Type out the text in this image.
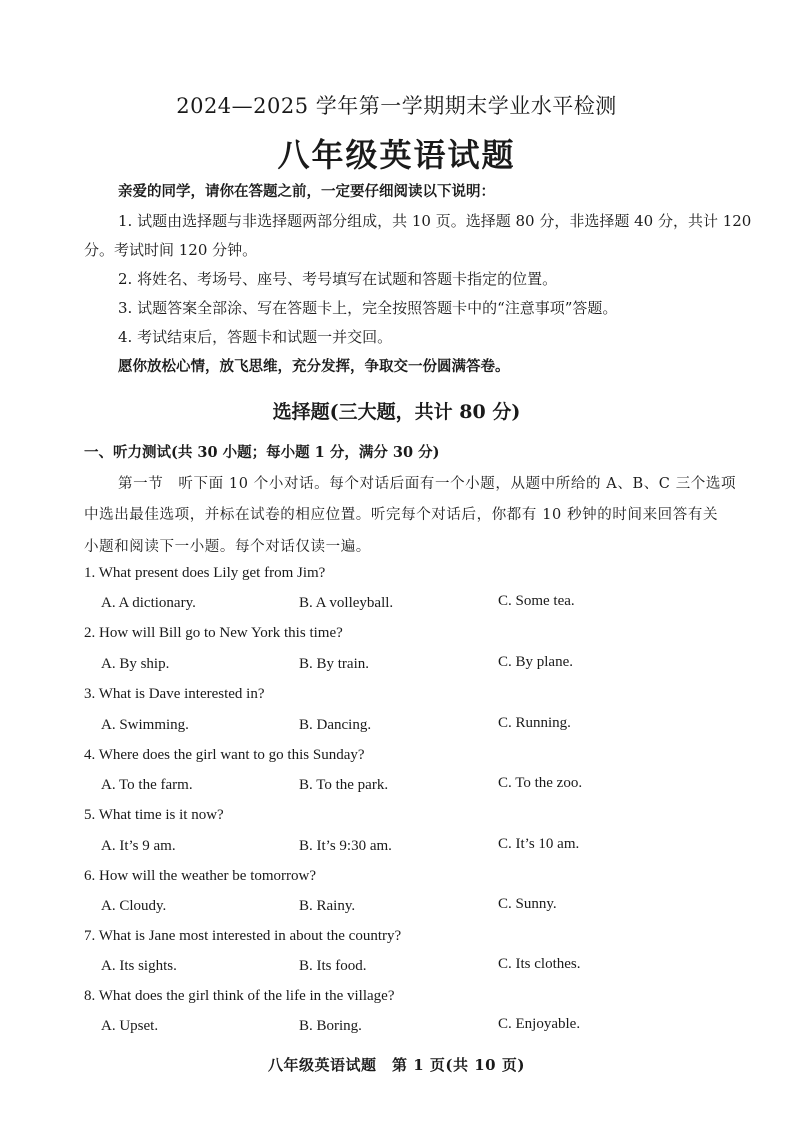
2024—2025 学年第一学期期末学业水平检测
八年级英语试题
亲爱的同学，请你在答题之前，一定要仔细阅读以下说明：
1. 试题由选择题与非选择题两部分组成，共 10 页。选择题 80 分，非选择题 40 分，共计 120
分。考试时间 120 分钟。
2. 将姓名、考场号、座号、考号填写在试题和答题卡指定的位置。
3. 试题答案全部涂、写在答题卡上，完全按照答题卡中的“注意事项”答题。
4. 考试结束后，答题卡和试题一并交回。
愿你放松心情，放飞思维，充分发挥，争取交一份圆满答卷。
选择题(三大题，共计 80 分)
一、听力测试(共 30 小题；每小题 1 分，满分 30 分)
第一节　听下面 10 个小对话。每个对话后面有一个小题，从题中所给的 A、B、C 三个选项
中选出最佳选项，并标在试卷的相应位置。听完每个对话后，你都有 10 秒钟的时间来回答有关
小题和阅读下一小题。每个对话仅读一遍。
1. What present does Lily get from Jim?
A. A dictionary.	B. A volleyball.	C. Some tea.
2. How will Bill go to New York this time?
A. By ship.	B. By train.	C. By plane.
3. What is Dave interested in?
A. Swimming.	B. Dancing.	C. Running.
4. Where does the girl want to go this Sunday?
A. To the farm.	B. To the park.	C. To the zoo.
5. What time is it now?
A. It’s 9 am.	B. It’s 9:30 am.	C. It’s 10 am.
6. How will the weather be tomorrow?
A. Cloudy.	B. Rainy.	C. Sunny.
7. What is Jane most interested in about the country?
A. Its sights.	B. Its food.	C. Its clothes.
8. What does the girl think of the life in the village?
A. Upset.	B. Boring.	C. Enjoyable.
八年级英语试题　第 1 页(共 10 页)
